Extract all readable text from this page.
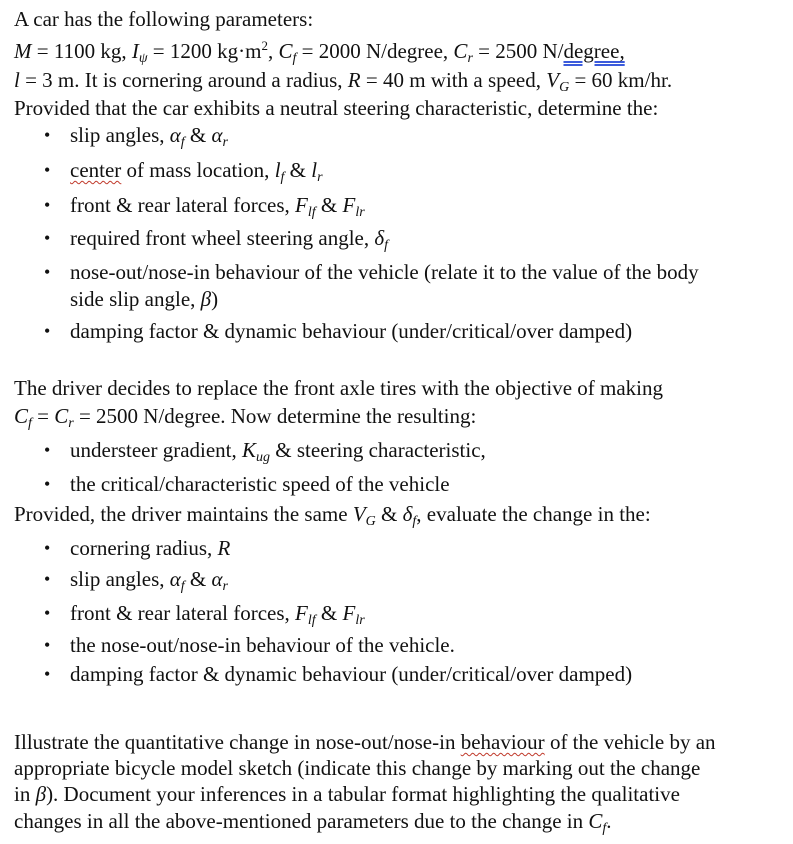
A car has the following parameters:
M = 1100 kg, $I_\psi = 1200$ $kg\cdot m^2$, $C_f = 2000$ N/degree, $C_r = 2500$ N/degree,
l = 3 m. It is cornering around a radius, R = 40 m with a speed, $V_G = 60$ km/hr.
Provided that the car exhibits a neutral steering characteristic, determine the:
• slip angles, $\alpha_f$ & $\alpha_r$
• center of mass location, $l_f$ & $l_r$
• front & rear lateral forces, $F_{lf}$ & $F_{lr}$
• required front wheel steering angle, $\delta_f$
• nose-out/nose-in behaviour of the vehicle (relate it to the value of the body
side slip angle, β)
• damping factor & dynamic behaviour (under/critical/over damped)
The driver decides to replace the front axle tires with the objective of making
$C_f = C_r = 2500$ N/degree. Now determine the resulting:
• understeer gradient, $K_{ug}$ & steering characteristic,
• the critical/characteristic speed of the vehicle
Provided, the driver maintains the same $V_G$ & $\delta_f$, evaluate the change in the:
• cornering radius, R
• slip angles, $\alpha_f$ & $\alpha_r$
• front & rear lateral forces, $F_{lf}$ & $F_{lr}$
• the nose-out/nose-in behaviour of the vehicle.
• damping factor & dynamic behaviour (under/critical/over damped)
Illustrate the quantitative change in nose-out/nose-in behaviour of the vehicle by an
appropriate bicycle model sketch (indicate this change by marking out the change
in β). Document your inferences in a tabular format highlighting the qualitative
changes in all the above-mentioned parameters due to the change in $C_f$.
